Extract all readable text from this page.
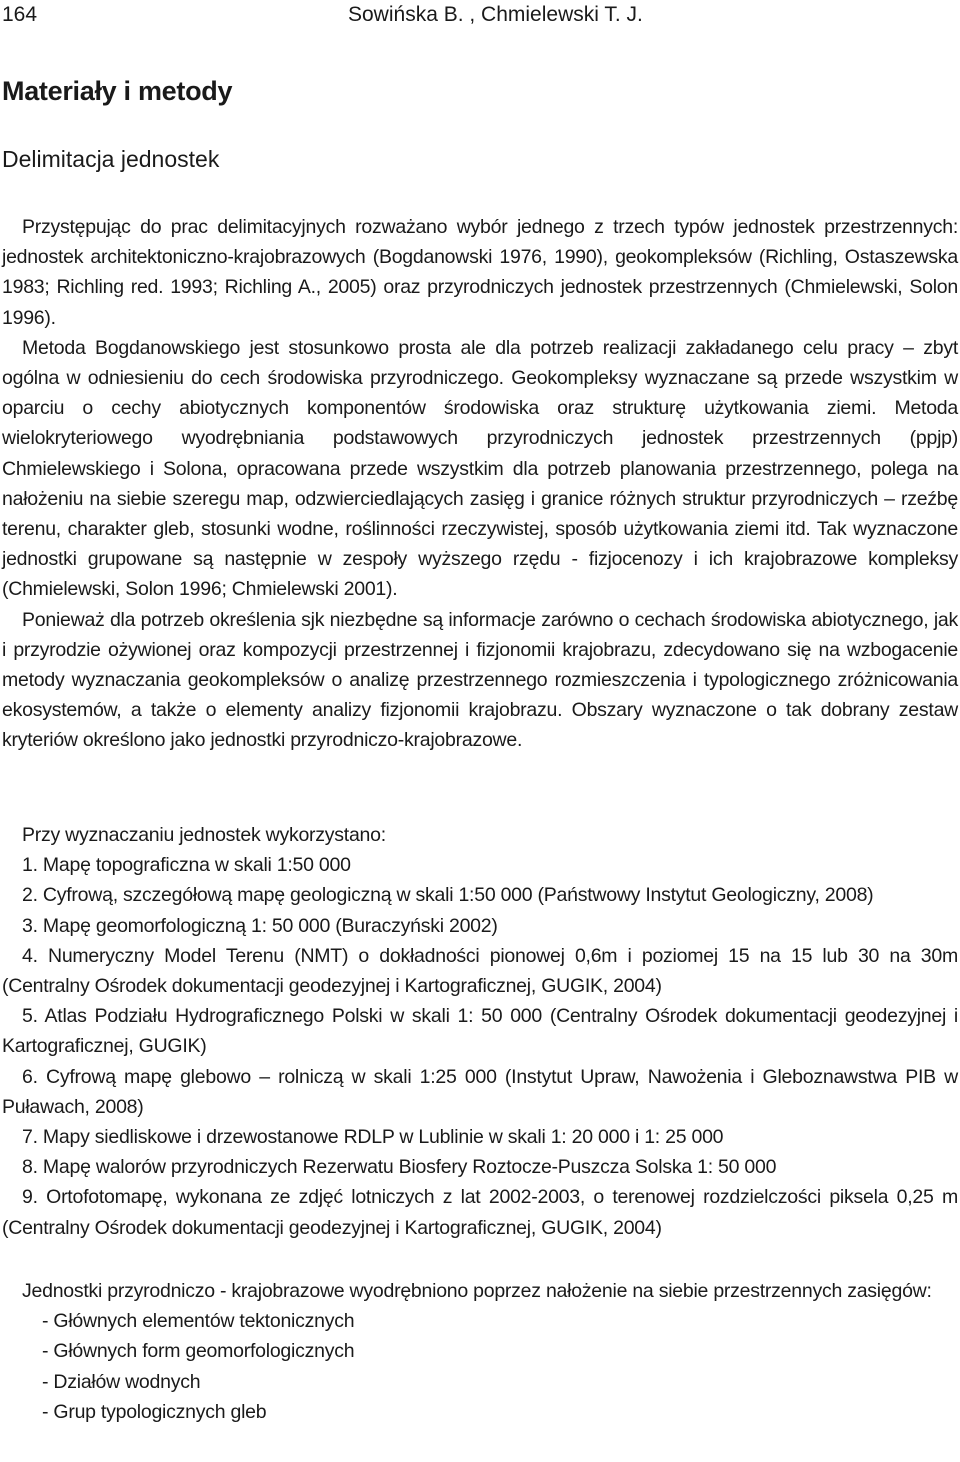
164	Sowińska B. , Chmielewski T. J.
Materiały i metody
Delimitacja jednostek

Przystępując do prac delimitacyjnych rozważano wybór jednego z trzech typów jednostek przestrzennych: jednostek architektoniczno-krajobrazowych (Bogdanowski 1976, 1990), geokompleksów (Richling, Ostaszewska 1983; Richling red. 1993; Richling A., 2005) oraz przyrodniczych jednostek przestrzennych (Chmielewski, Solon 1996).

Metoda Bogdanowskiego jest stosunkowo prosta ale dla potrzeb realizacji zakładanego celu pracy – zbyt ogólna w odniesieniu do cech środowiska przyrodniczego. Geokompleksy wyznaczane są przede wszystkim w oparciu o cechy abiotycznych komponentów środowiska oraz strukturę użytkowania ziemi. Metoda wielokryteriowego wyodrębniania podstawowych przyrodniczych jednostek przestrzennych (ppjp) Chmielewskiego i Solona, opracowana przede wszystkim dla potrzeb planowania przestrzennego, polega na nałożeniu na siebie szeregu map, odzwierciedlających zasięg i granice różnych struktur przyrodniczych – rzeźbę terenu, charakter gleb, stosunki wodne, roślinności rzeczywistej, sposób użytkowania ziemi itd. Tak wyznaczone jednostki grupowane są następnie w zespoły wyższego rzędu - fizjocenozy i ich krajobrazowe kompleksy (Chmielewski, Solon 1996; Chmielewski 2001).

Ponieważ dla potrzeb określenia sjk niezbędne są informacje zarówno o cechach środowiska abiotycznego, jak i przyrodzie ożywionej oraz kompozycji przestrzennej i fizjonomii krajobrazu, zdecydowano się na wzbogacenie metody wyznaczania geokompleksów o analizę przestrzennego rozmieszczenia i typologicznego zróżnicowania ekosystemów, a także o elementy analizy fizjonomii krajobrazu. Obszary wyznaczone o tak dobrany zestaw kryteriów określono jako jednostki przyrodniczo-krajobrazowe.

Przy wyznaczaniu jednostek wykorzystano:

1. Mapę topograficzna w skali 1:50 000

2. Cyfrową, szczegółową mapę geologiczną w skali 1:50 000 (Państwowy Instytut Geologiczny, 2008)

3. Mapę geomorfologiczną 1: 50 000 (Buraczyński 2002)

4. Numeryczny Model Terenu (NMT) o dokładności pionowej 0,6m i poziomej 15 na 15 lub 30 na 30m (Centralny Ośrodek dokumentacji geodezyjnej i Kartograficznej, GUGIK, 2004)

5. Atlas Podziału Hydrograficznego Polski w skali 1: 50 000 (Centralny Ośrodek dokumentacji geodezyjnej i Kartograficznej, GUGIK)

6. Cyfrową mapę glebowo – rolniczą w skali 1:25 000 (Instytut Upraw, Nawożenia i Gleboznawstwa PIB w Puławach, 2008)

7. Mapy siedliskowe i drzewostanowe RDLP w Lublinie w skali 1: 20 000 i 1: 25 000

8. Mapę walorów przyrodniczych Rezerwatu Biosfery Roztocze-Puszcza Solska 1: 50 000

9. Ortofotomapę, wykonana ze zdjęć lotniczych z lat 2002-2003, o terenowej rozdzielczości piksela 0,25 m (Centralny Ośrodek dokumentacji geodezyjnej i Kartograficznej, GUGIK, 2004)

Jednostki przyrodniczo - krajobrazowe wyodrębniono poprzez nałożenie na siebie przestrzennych zasięgów:

- Głównych elementów tektonicznych

- Głównych form geomorfologicznych

- Działów wodnych

- Grup typologicznych gleb
